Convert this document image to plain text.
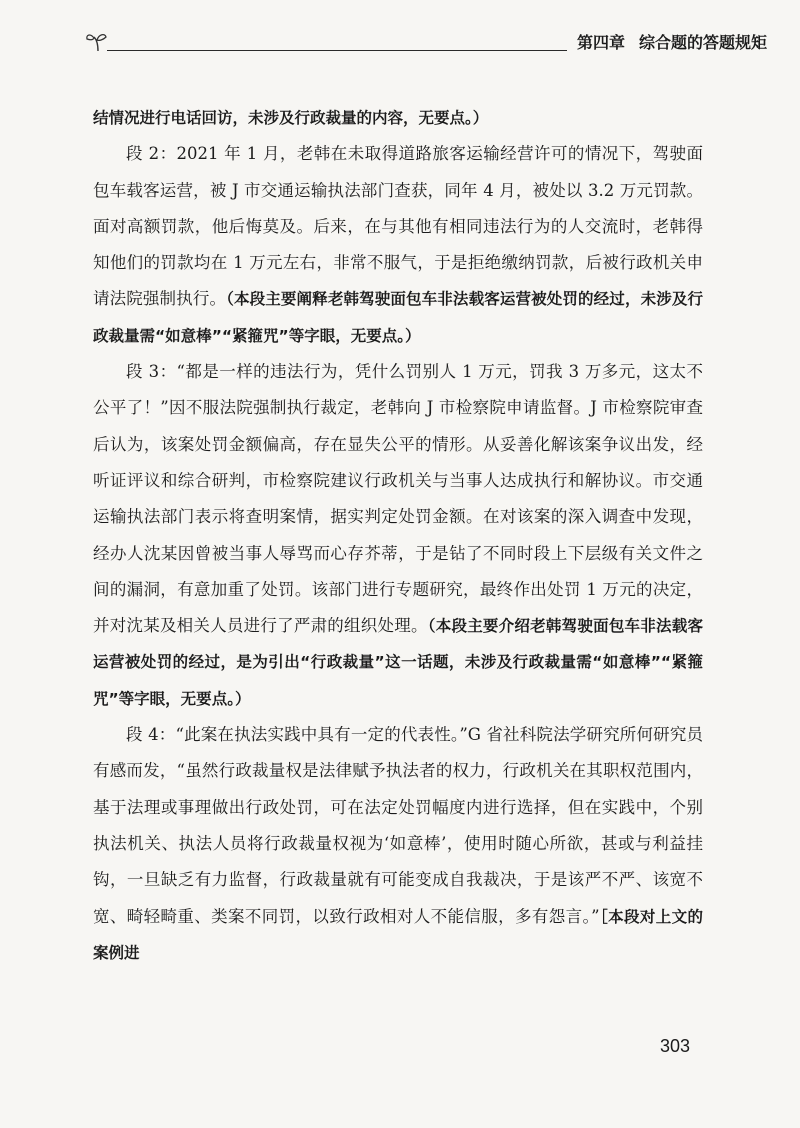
第四章 综合题的答题规矩

结情况进行电话回访，未涉及行政裁量的内容，无要点。）

段 2：2021 年 1 月，老韩在未取得道路旅客运输经营许可的情况下，驾驶面包车载客运营，被 J 市交通运输执法部门查获，同年 4 月，被处以 3.2 万元罚款。面对高额罚款，他后悔莫及。后来，在与其他有相同违法行为的人交流时，老韩得知他们的罚款均在 1 万元左右，非常不服气，于是拒绝缴纳罚款，后被行政机关申请法院强制执行。（本段主要阐释老韩驾驶面包车非法载客运营被处罚的经过，未涉及行政裁量需“如意棒”“紧箍咒”等字眼，无要点。）

段 3：“都是一样的违法行为，凭什么罚别人 1 万元，罚我 3 万多元，这太不公平了！”因不服法院强制执行裁定，老韩向 J 市检察院申请监督。J 市检察院审查后认为，该案处罚金额偏高，存在显失公平的情形。从妥善化解该案争议出发，经听证评议和综合研判，市检察院建议行政机关与当事人达成执行和解协议。市交通运输执法部门表示将查明案情，据实判定处罚金额。在对该案的深入调查中发现，经办人沈某因曾被当事人辱骂而心存芥蒂，于是钻了不同时段上下层级有关文件之间的漏洞，有意加重了处罚。该部门进行专题研究，最终作出处罚 1 万元的决定，并对沈某及相关人员进行了严肃的组织处理。（本段主要介绍老韩驾驶面包车非法载客运营被处罚的经过，是为引出“行政裁量”这一话题，未涉及行政裁量需“如意棒”“紧箍咒”等字眼，无要点。）

段 4：“此案在执法实践中具有一定的代表性。”G 省社科院法学研究所何研究员有感而发，“虽然行政裁量权是法律赋予执法者的权力，行政机关在其职权范围内，基于法理或事理做出行政处罚，可在法定处罚幅度内进行选择，但在实践中，个别执法机关、执法人员将行政裁量权视为‘如意棒’，使用时随心所欲，甚或与利益挂钩，一旦缺乏有力监督，行政裁量就有可能变成自我裁决，于是该严不严、该宽不宽、畸轻畸重、类案不同罚，以致行政相对人不能信服，多有怨言。”［本段对上文的案例进

303
